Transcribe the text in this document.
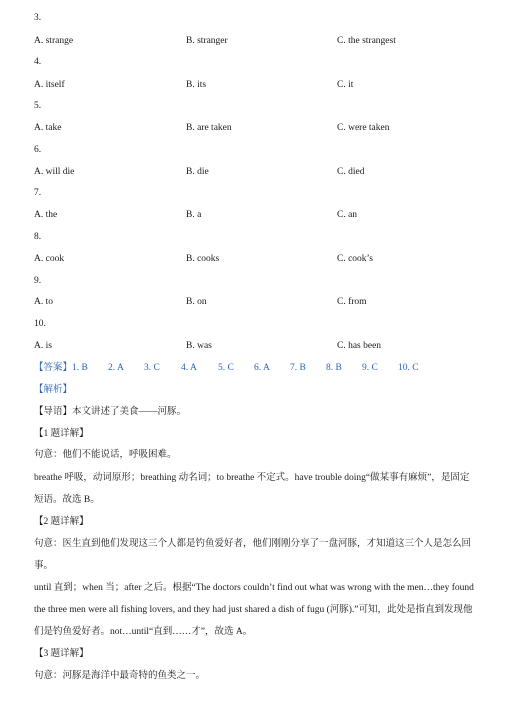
3.
A. strange	B. stranger	C. the strangest
4.
A. itself	B. its	C. it
5.
A. take	B. are taken	C. were taken
6.
A. will die	B. die	C. died
7.
A. the	B. a	C. an
8.
A. cook	B. cooks	C. cook’s
9.
A. to	B. on	C. from
10.
A. is	B. was	C. has been
【答案】 1. B 2. A 3. C 4. A 5. C 6. A 7. B 8. B 9. C 10. C
【解析】
【导语】本文讲述了美食——河豚。
【1 题详解】
句意：他们不能说话，呼吸困难。
breathe 呼吸，动词原形；breathing 动名词；to breathe 不定式。have trouble doing“做某事有麻烦”，是固定
短语。故选 B。
【2 题详解】
句意：医生直到他们发现这三个人都是钓鱼爱好者，他们刚刚分享了一盘河豚，才知道这三个人是怎么回
事。
until 直到；when 当；after 之后。根据“The doctors couldn’t find out what was wrong with the men…they found
the three men were all fishing lovers, and they had just shared a dish of fugu (河豚).”可知，此处是指直到发现他
们是钓鱼爱好者。not…until“直到……才”，故选 A。
【3 题详解】
句意：河豚是海洋中最奇特的鱼类之一。
